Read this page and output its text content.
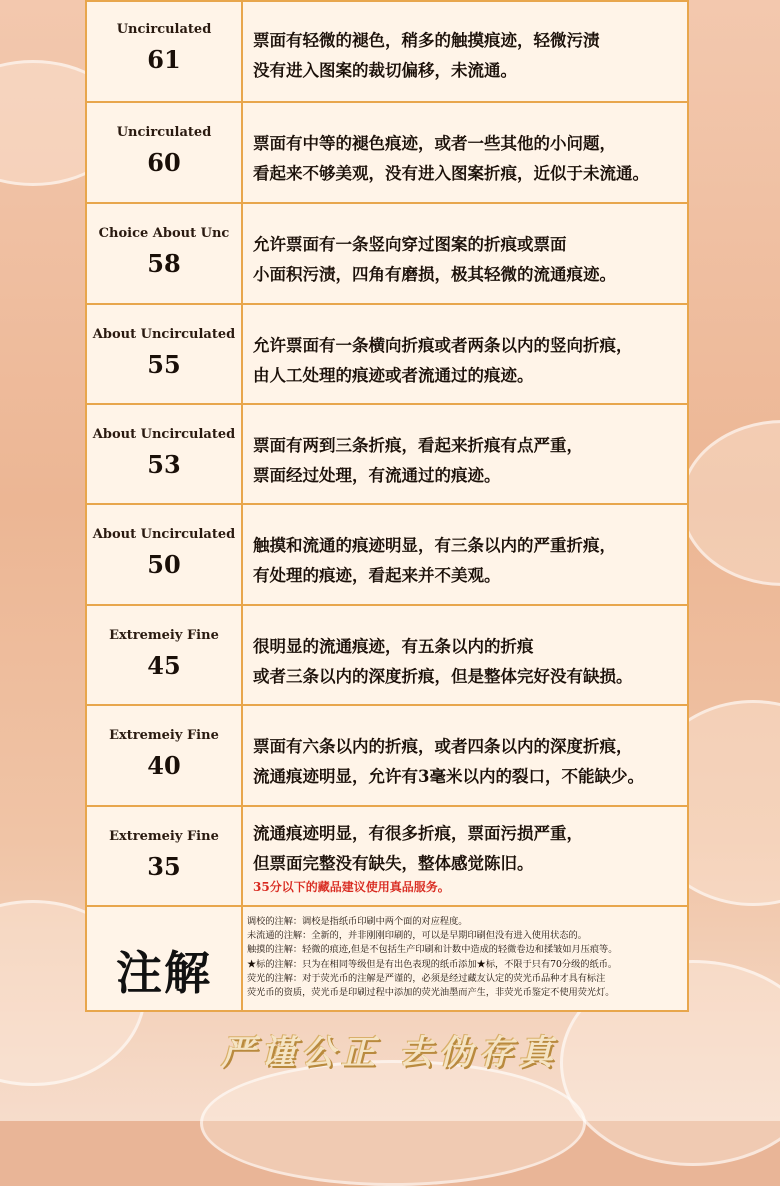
Uncirculated
61
票面有轻微的褪色，稍多的触摸痕迹，轻微污渍
没有进入图案的裁切偏移，未流通。
Uncirculated
60
票面有中等的褪色痕迹，或者一些其他的小问题，
看起来不够美观，没有进入图案折痕，近似于未流通。
Choice About Unc
58
允许票面有一条竖向穿过图案的折痕或票面
小面积污渍，四角有磨损，极其轻微的流通痕迹。
About Uncirculated
55
允许票面有一条横向折痕或者两条以内的竖向折痕，
由人工处理的痕迹或者流通过的痕迹。
About Uncirculated
53
票面有两到三条折痕，看起来折痕有点严重，
票面经过处理，有流通过的痕迹。
About Uncirculated
50
触摸和流通的痕迹明显，有三条以内的严重折痕，
有处理的痕迹，看起来并不美观。
Extremeiy Fine
45
很明显的流通痕迹，有五条以内的折痕
或者三条以内的深度折痕，但是整体完好没有缺损。
Extremeiy Fine
40
票面有六条以内的折痕，或者四条以内的深度折痕，
流通痕迹明显，允许有3毫米以内的裂口，不能缺少。
Extremeiy Fine
35
流通痕迹明显，有很多折痕，票面污损严重，
但票面完整没有缺失，整体感觉陈旧。
35分以下的藏品建议使用真品服务。
注解
调校的注解：调校是指纸币印刷中两个面的对应程度。
未流通的注解：全新的，并非刚刚印刷的，可以是早期印刷但没有进入使用状态的。
触摸的注解：轻微的痕迹,但是不包括生产印刷和计数中造成的轻微卷边和揉皱如月压痕等。
★标的注解：只为在相同等级但是有出色表现的纸币添加★标，不限于只有70分级的纸币。
荧光的注解：对于荧光币的注解是严谨的，必须是经过藏友认定的荧光币品种才具有标注
荧光币的资质，荧光币是印刷过程中添加的荧光油墨而产生，非荧光币鉴定不使用荧光灯。
严谨公正 去伪存真
